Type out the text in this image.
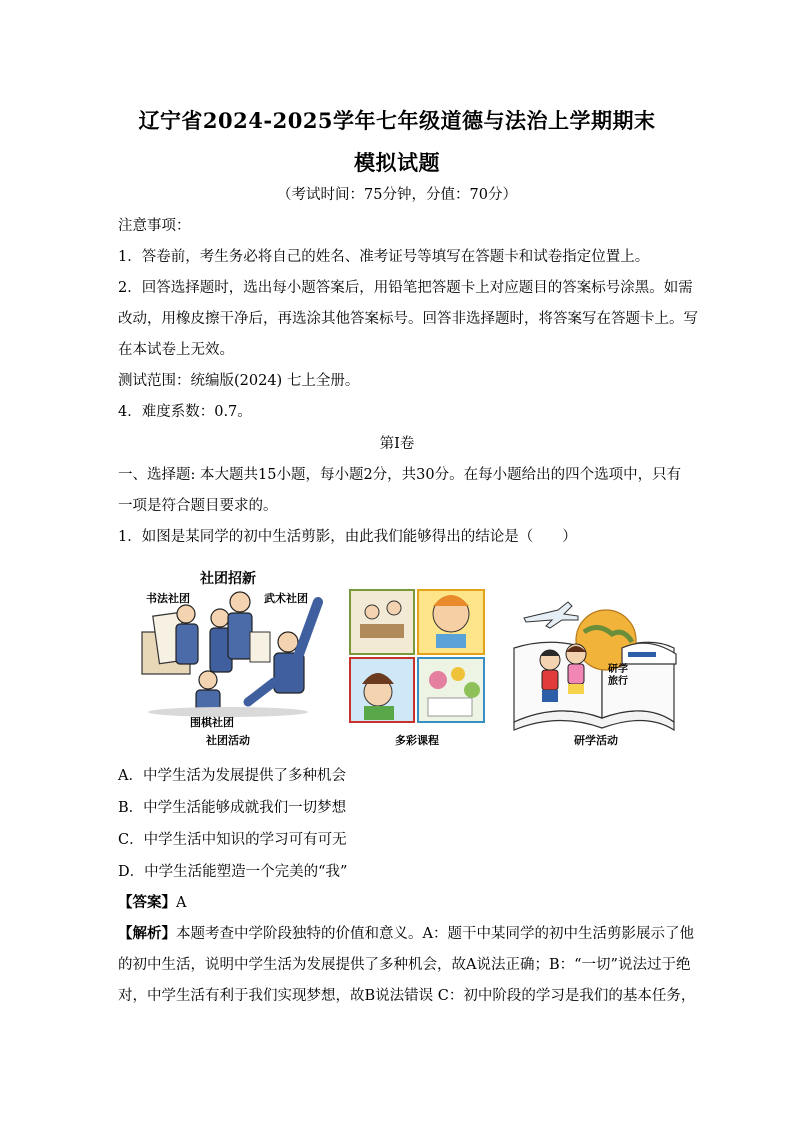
辽宁省2024-2025学年七年级道德与法治上学期期末
模拟试题
（考试时间：75分钟，分值：70分）
注意事项：
1．答卷前，考生务必将自己的姓名、准考证号等填写在答题卡和试卷指定位置上。
2．回答选择题时，选出每小题答案后，用铅笔把答题卡上对应题目的答案标号涂黑。如需
改动，用橡皮擦干净后，再选涂其他答案标号。回答非选择题时，将答案写在答题卡上。写
在本试卷上无效。
测试范围：统编版(2024) 七上全册。
4．难度系数：0.7。
第Ⅰ卷
一、选择题: 本大题共15小题，每小题2分，共30分。在每小题给出的四个选项中，只有
一项是符合题目要求的。
1．如图是某同学的初中生活剪影，由此我们能够得出的结论是（　　）
社团招新
书法社团	武术社团
围棋社团
研学
旅行
社团活动	多彩课程	研学活动
A．中学生活为发展提供了多种机会
B．中学生活能够成就我们一切梦想
C．中学生活中知识的学习可有可无
D．中学生活能塑造一个完美的“我”
【答案】A
【解析】本题考查中学阶段独特的价值和意义。A：题干中某同学的初中生活剪影展示了他
的初中生活，说明中学生活为发展提供了多种机会，故A说法正确；B：“一切”说法过于绝
对，中学生活有利于我们实现梦想，故B说法错误 C：初中阶段的学习是我们的基本任务，
